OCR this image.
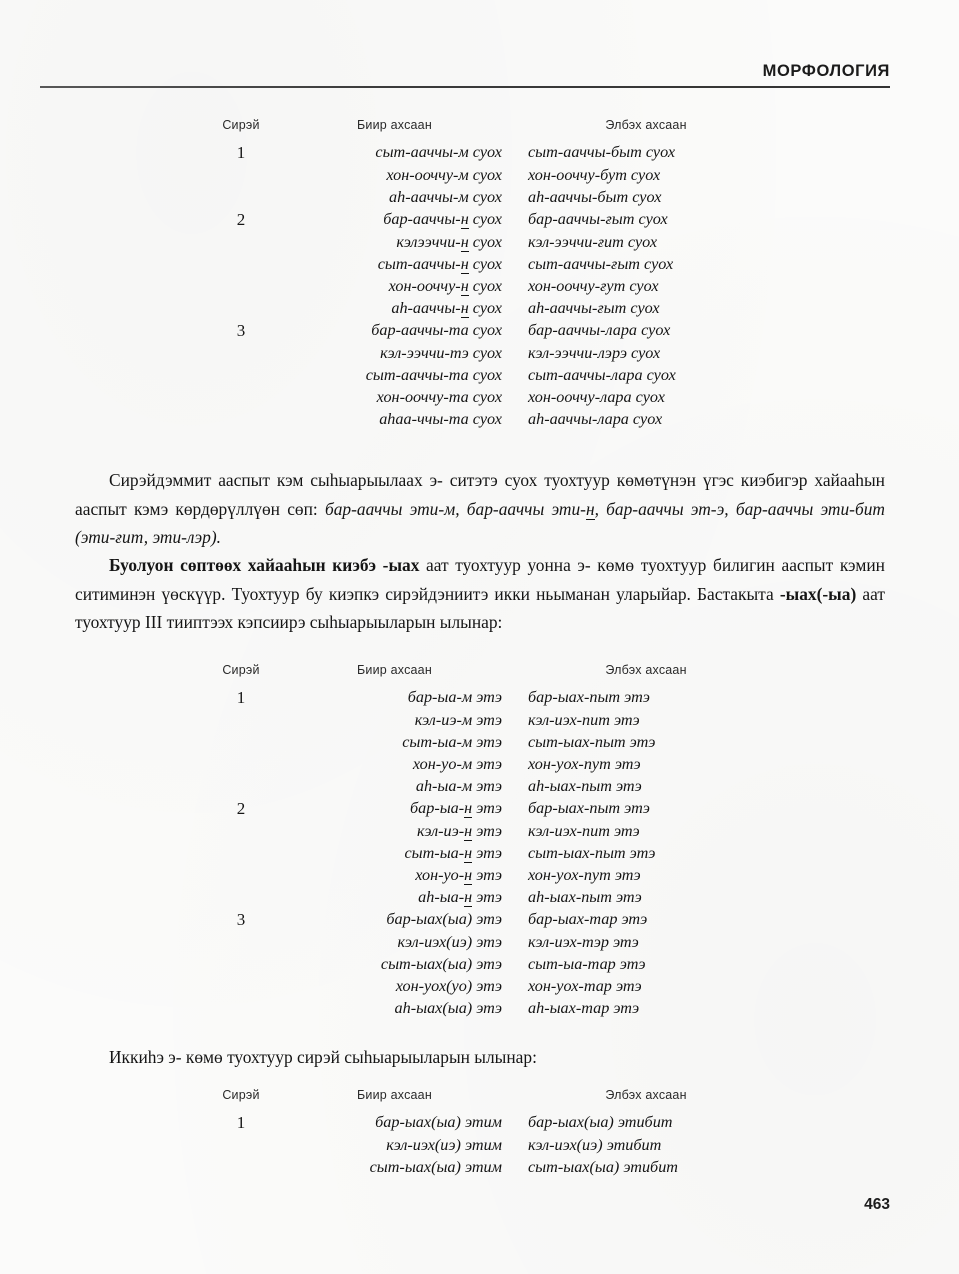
МОРФОЛОГИЯ
Сирэй	Биир ахсаан	Элбэх ахсаан
1	сыт-ааччы-м суох	сыт-ааччы-быт суох
	хон-ооччу-м суох	хон-ооччу-бут суох
	аһ-ааччы-м суох	аһ-ааччы-быт суох
2	бар-ааччы-н суох	бар-ааччы-ғыт суох
	кэлээччи-н суох	кэл-ээччи-ғит суох
	сыт-ааччы-н суох	сыт-ааччы-ғыт суох
	хон-ооччу-н суох	хон-ооччу-ғут суох
	аһ-ааччы-н суох	аһ-ааччы-ғыт суох
3	бар-ааччы-та суох	бар-ааччы-лара суох
	кэл-ээччи-тэ суох	кэл-ээччи-лэрэ суох
	сыт-ааччы-та суох	сыт-ааччы-лара суох
	хон-ооччу-та суох	хон-ооччу-лара суох
	аһаа-ччы-та суох	аһ-ааччы-лара суох
Сирэйдэммит ааспыт кэм сыһыарыылаах э- ситэтэ суох туохтуур көмөтүнэн үгэс киэбигэр хайааһын ааспыт кэмэ көрдөрүллүөн сөп: бар-ааччы эти-м, бар-ааччы эти-н, бар-ааччы эт-э, бар-ааччы эти-бит (эти-ғит, эти-лэр).
Буолуон сөптөөх хайааһын киэбэ -ыах аат туохтуур уонна э- көмө туохтуур билигин ааспыт кэмин ситиминэн үөскүүр. Туохтуур бу киэпкэ сирэйдэниитэ икки ньыманан уларыйар. Бастакыта -ыах(-ыа) аат туохтуур III тииптээх кэпсиирэ сыһыарыыларын ылынар:
Сирэй	Биир ахсаан	Элбэх ахсаан
1	бар-ыа-м этэ	бар-ыах-пыт этэ
	кэл-иэ-м этэ	кэл-иэх-пит этэ
	сыт-ыа-м этэ	сыт-ыах-пыт этэ
	хон-уо-м этэ	хон-уох-пут этэ
	аһ-ыа-м этэ	аһ-ыах-пыт этэ
2	бар-ыа-н этэ	бар-ыах-пыт этэ
	кэл-иэ-н этэ	кэл-иэх-пит этэ
	сыт-ыа-н этэ	сыт-ыах-пыт этэ
	хон-уо-н этэ	хон-уох-пут этэ
	аһ-ыа-н этэ	аһ-ыах-пыт этэ
3	бар-ыах(ыа) этэ	бар-ыах-тар этэ
	кэл-иэх(иэ) этэ	кэл-иэх-тэр этэ
	сыт-ыах(ыа) этэ	сыт-ыа-тар этэ
	хон-уох(уо) этэ	хон-уох-тар этэ
	аһ-ыах(ыа) этэ	аһ-ыах-тар этэ
Иккиһэ э- көмө туохтуур сирэй сыһыарыыларын ылынар:
Сирэй	Биир ахсаан	Элбэх ахсаан
1	бар-ыах(ыа) этим	бар-ыах(ыа) этибит
	кэл-иэх(иэ) этим	кэл-иэх(иэ) этибит
	сыт-ыах(ыа) этим	сыт-ыах(ыа) этибит
463
